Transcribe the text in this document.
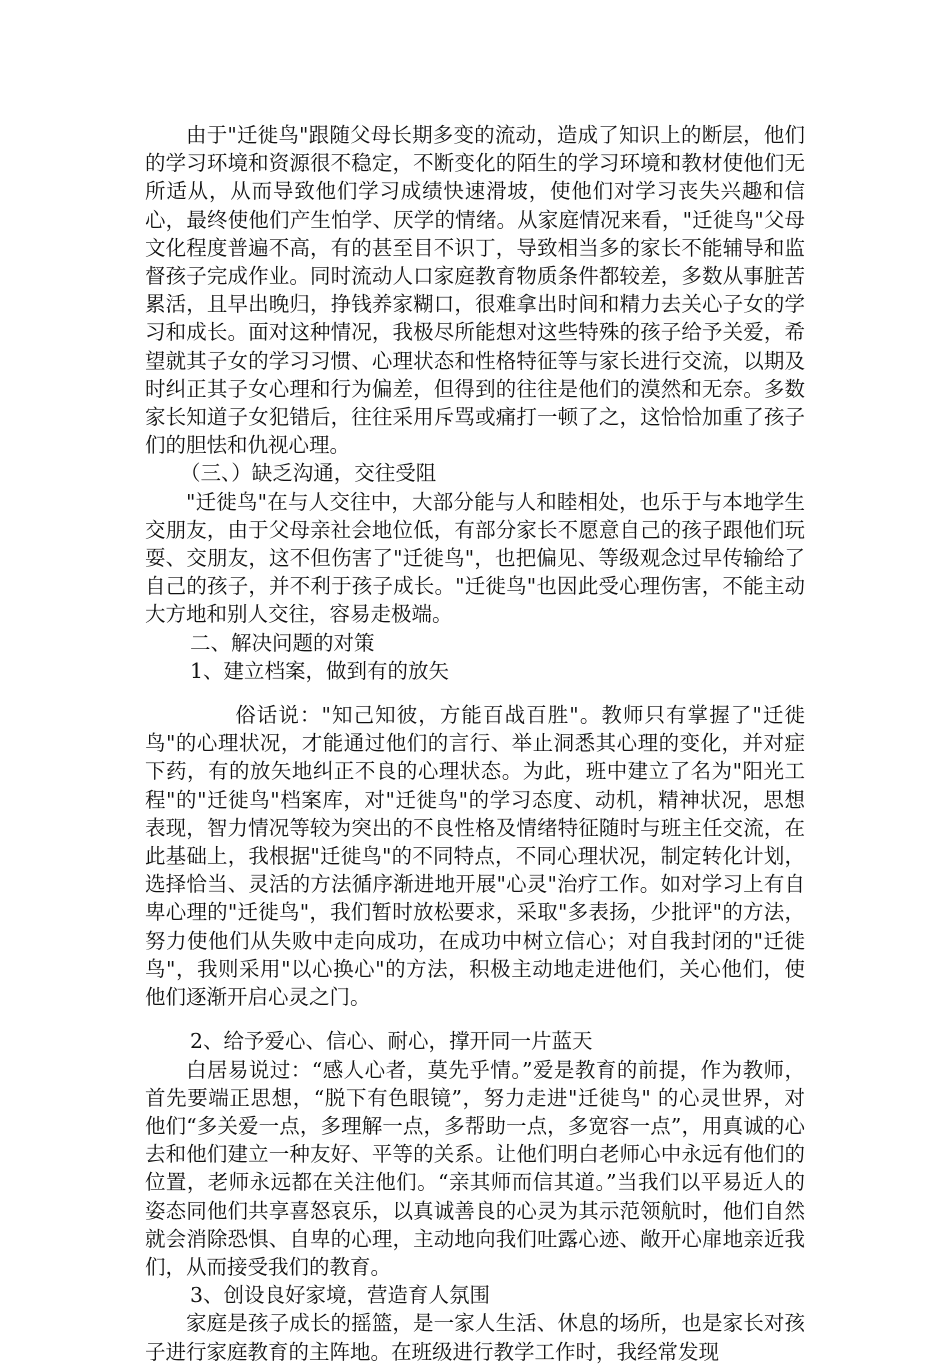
由于"迁徙鸟"跟随父母长期多变的流动，造成了知识上的断层，他们的学习环境和资源很不稳定，不断变化的陌生的学习环境和教材使他们无所适从，从而导致他们学习成绩快速滑坡，使他们对学习丧失兴趣和信心，最终使他们产生怕学、厌学的情绪。从家庭情况来看，"迁徙鸟"父母文化程度普遍不高，有的甚至目不识丁，导致相当多的家长不能辅导和监督孩子完成作业。同时流动人口家庭教育物质条件都较差，多数从事脏苦累活，且早出晚归，挣钱养家糊口，很难拿出时间和精力去关心子女的学习和成长。面对这种情况，我极尽所能想对这些特殊的孩子给予关爱，希望就其子女的学习习惯、心理状态和性格特征等与家长进行交流，以期及时纠正其子女心理和行为偏差，但得到的往往是他们的漠然和无奈。多数家长知道子女犯错后，往往采用斥骂或痛打一顿了之，这恰恰加重了孩子们的胆怯和仇视心理。

（三、）缺乏沟通，交往受阻

"迁徙鸟"在与人交往中，大部分能与人和睦相处，也乐于与本地学生交朋友，由于父母亲社会地位低，有部分家长不愿意自己的孩子跟他们玩耍、交朋友，这不但伤害了"迁徙鸟"，也把偏见、等级观念过早传输给了自己的孩子，并不利于孩子成长。"迁徙鸟"也因此受心理伤害，不能主动大方地和别人交往，容易走极端。

二、解决问题的对策

1、建立档案，做到有的放矢

俗话说："知己知彼，方能百战百胜"。教师只有掌握了"迁徙鸟"的心理状况，才能通过他们的言行、举止洞悉其心理的变化，并对症下药，有的放矢地纠正不良的心理状态。为此，班中建立了名为"阳光工程"的"迁徙鸟"档案库，对"迁徙鸟"的学习态度、动机，精神状况，思想表现，智力情况等较为突出的不良性格及情绪特征随时与班主任交流，在此基础上，我根据"迁徙鸟"的不同特点，不同心理状况，制定转化计划，选择恰当、灵活的方法循序渐进地开展"心灵"治疗工作。如对学习上有自卑心理的"迁徙鸟"，我们暂时放松要求，采取"多表扬，少批评"的方法，努力使他们从失败中走向成功，在成功中树立信心；对自我封闭的"迁徙鸟"，我则采用"以心换心"的方法，积极主动地走进他们，关心他们，使他们逐渐开启心灵之门。

2、给予爱心、信心、耐心，撑开同一片蓝天

白居易说过：“感人心者，莫先乎情。”爱是教育的前提，作为教师，首先要端正思想，“脱下有色眼镜”，努力走进"迁徙鸟" 的心灵世界，对他们“多关爱一点，多理解一点，多帮助一点，多宽容一点”，用真诚的心去和他们建立一种友好、平等的关系。让他们明白老师心中永远有他们的位置，老师永远都在关注他们。“亲其师而信其道。”当我们以平易近人的姿态同他们共享喜怒哀乐，以真诚善良的心灵为其示范领航时，他们自然就会消除恐惧、自卑的心理，主动地向我们吐露心迹、敞开心扉地亲近我们，从而接受我们的教育。

3、创设良好家境，营造育人氛围

家庭是孩子成长的摇篮，是一家人生活、休息的场所，也是家长对孩子进行家庭教育的主阵地。在班级进行教学工作时，我经常发现
